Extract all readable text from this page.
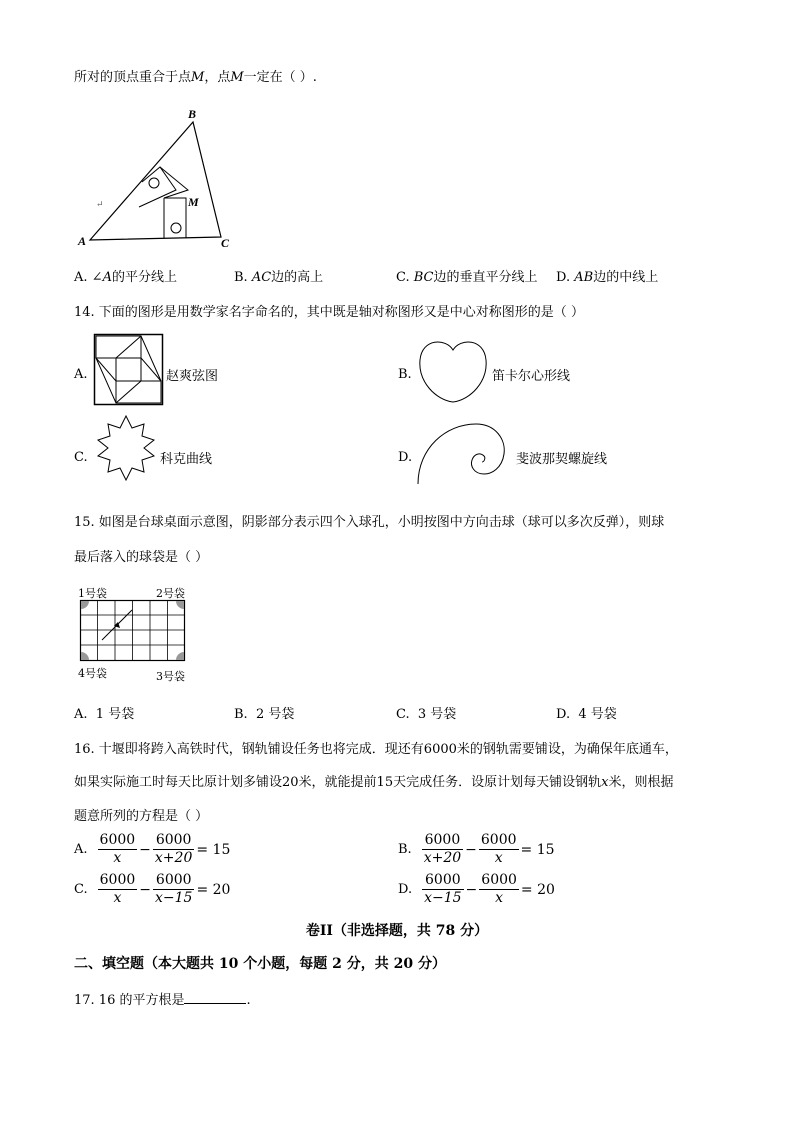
所对的顶点重合于点M，点M一定在（ ）.
B
M
A	C
↵
A. ∠A的平分线上	B. AC边的高上	C. BC边的垂直平分线上 D. AB边的中线上
14. 下面的图形是用数学家名字命名的，其中既是轴对称图形又是中心对称图形的是（ ）
A.	赵爽弦图	B.	笛卡尔心形线
C.	科克曲线	D.	斐波那契螺旋线
15. 如图是台球桌面示意图，阴影部分表示四个入球孔，小明按图中方向击球（球可以多次反弹），则球
最后落入的球袋是（ ）
1号袋	2号袋
4号袋	3号袋
A. 1 号袋	B. 2 号袋	C. 3 号袋	D. 4 号袋
16. 十堰即将跨入高铁时代，钢轨铺设任务也将完成．现还有6000米的钢轨需要铺设，为确保年底通车，
如果实际施工时每天比原计划多铺设20米，就能提前15天完成任务．设原计划每天铺设钢轨x米，则根据
题意所列的方程是（ ）
A. $\frac{6000}{x} - \frac{6000}{x+20} = 15$	B. $\frac{6000}{x+20} - \frac{6000}{x} = 15$
C. $\frac{6000}{x} - \frac{6000}{x-15} = 20$	D. $\frac{6000}{x-15} - \frac{6000}{x} = 20$
卷II（非选择题，共 78 分）
二、填空题（本大题共 10 个小题，每题 2 分，共 20 分）
17. 16 的平方根是	.
